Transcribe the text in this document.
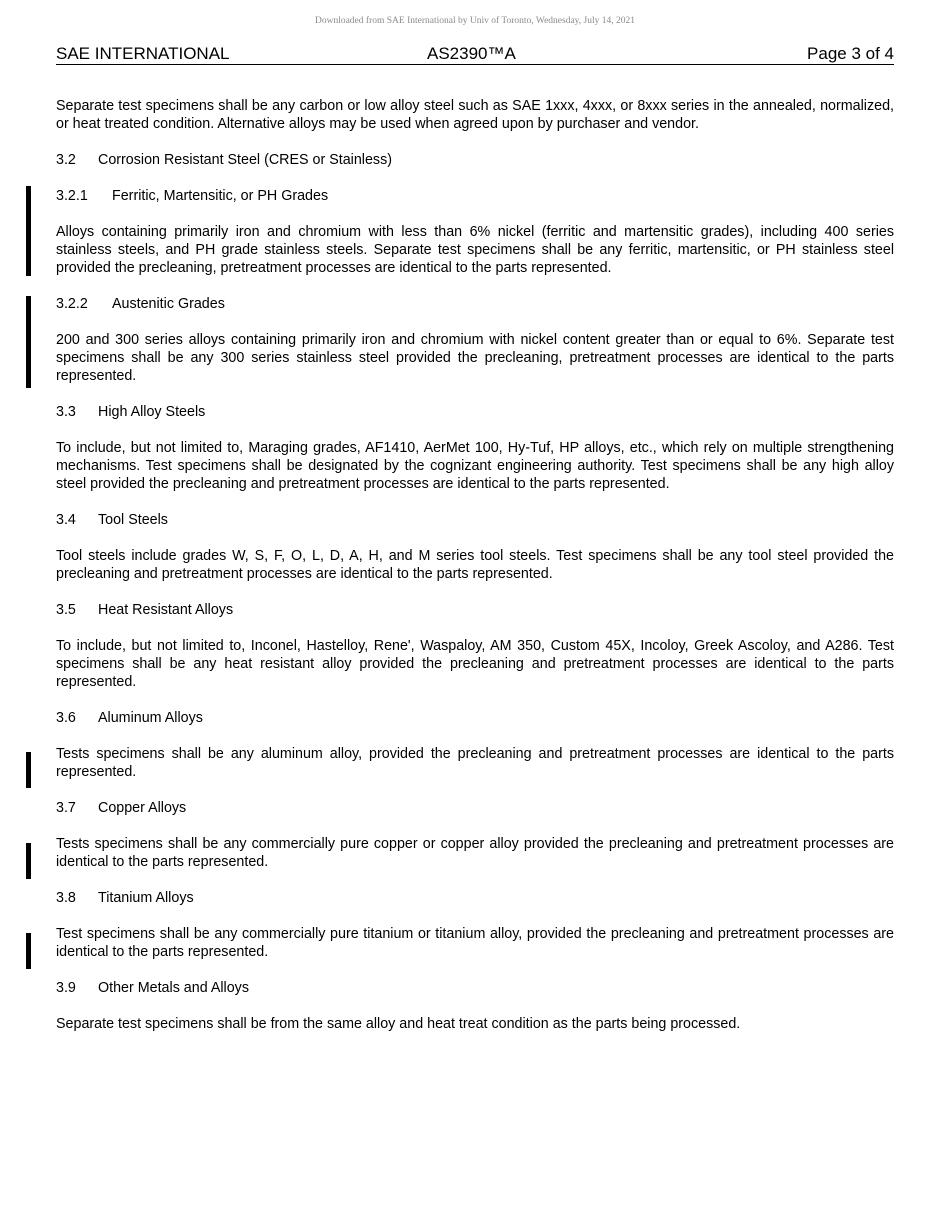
Downloaded from SAE International by Univ of Toronto, Wednesday, July 14, 2021
SAE INTERNATIONAL	AS2390™A	Page 3 of 4

Separate test specimens shall be any carbon or low alloy steel such as SAE 1xxx, 4xxx, or 8xxx series in the annealed, normalized, or heat treated condition. Alternative alloys may be used when agreed upon by purchaser and vendor.

3.2	Corrosion Resistant Steel (CRES or Stainless)
3.2.1	Ferritic, Martensitic, or PH Grades

Alloys containing primarily iron and chromium with less than 6% nickel (ferritic and martensitic grades), including 400 series stainless steels, and PH grade stainless steels. Separate test specimens shall be any ferritic, martensitic, or PH stainless steel provided the precleaning, pretreatment processes are identical to the parts represented.

3.2.2	Austenitic Grades

200 and 300 series alloys containing primarily iron and chromium with nickel content greater than or equal to 6%. Separate test specimens shall be any 300 series stainless steel provided the precleaning, pretreatment processes are identical to the parts represented.

3.3	High Alloy Steels

To include, but not limited to, Maraging grades, AF1410, AerMet 100, Hy-Tuf, HP alloys, etc., which rely on multiple strengthening mechanisms. Test specimens shall be designated by the cognizant engineering authority. Test specimens shall be any high alloy steel provided the precleaning and pretreatment processes are identical to the parts represented.

3.4	Tool Steels

Tool steels include grades W, S, F, O, L, D, A, H, and M series tool steels. Test specimens shall be any tool steel provided the precleaning and pretreatment processes are identical to the parts represented.

3.5	Heat Resistant Alloys

To include, but not limited to, Inconel, Hastelloy, Rene', Waspaloy, AM 350, Custom 45X, Incoloy, Greek Ascoloy, and A286. Test specimens shall be any heat resistant alloy provided the precleaning and pretreatment processes are identical to the parts represented.

3.6	Aluminum Alloys

Tests specimens shall be any aluminum alloy, provided the precleaning and pretreatment processes are identical to the parts represented.

3.7	Copper Alloys

Tests specimens shall be any commercially pure copper or copper alloy provided the precleaning and pretreatment processes are identical to the parts represented.

3.8	Titanium Alloys

Test specimens shall be any commercially pure titanium or titanium alloy, provided the precleaning and pretreatment processes are identical to the parts represented.

3.9	Other Metals and Alloys

Separate test specimens shall be from the same alloy and heat treat condition as the parts being processed.
